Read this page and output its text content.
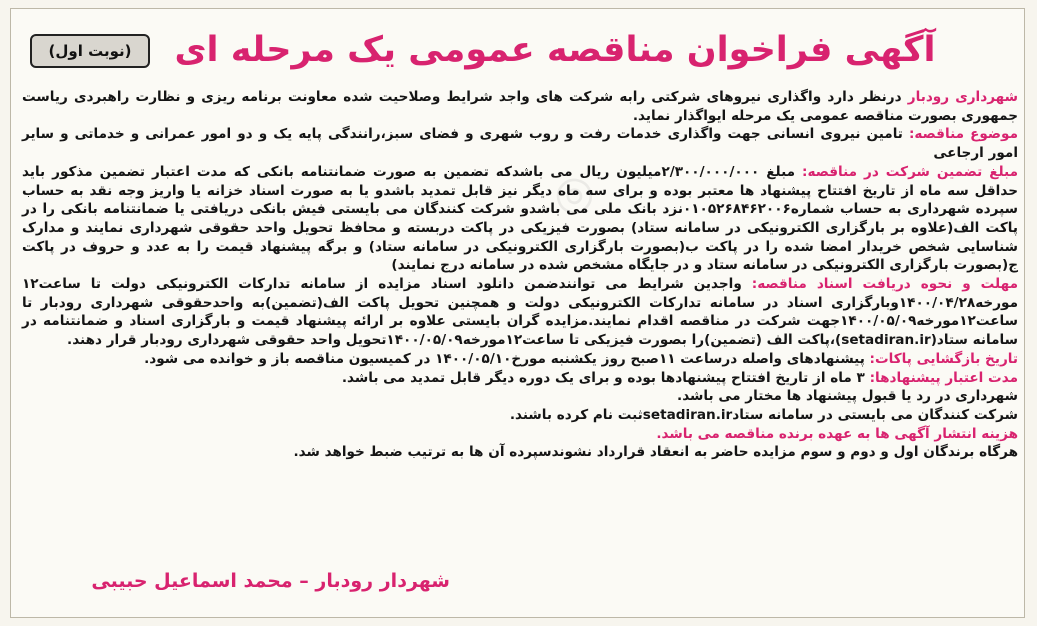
◎
(نوبت اول)	آگهی فراخوان مناقصه عمومی یک مرحله ای

شهرداری رودبار درنظر دارد واگذاری نیروهای شرکتی رابه شرکت های واجد شرایط وصلاحیت شده معاونت برنامه ریزی و نظارت راهبردی ریاست جمهوری بصورت مناقصه عمومی یک مرحله ایواگذار نماید.

موضوع مناقصه: تامین نیروی انسانی جهت واگذاری خدمات رفت و روب شهری و فضای سبز،رانندگی پایه یک و دو امور عمرانی و خدماتی و سایر امور ارجاعی

مبلغ تضمین شرکت در مناقصه: مبلغ ۲/۳۰۰/۰۰۰/۰۰۰میلیون ریال می باشدکه تضمین به صورت ضمانتنامه بانکی که مدت اعتبار تضمین مذکور باید حداقل سه ماه از تاریخ افتتاح پیشنهاد ها معتبر بوده و برای سه ماه دیگر نیز قابل تمدید باشدو یا به صورت اسناد خزانه یا واریز وجه نقد به حساب سپرده شهرداری به حساب شماره۰۱۰۵۲۶۸۴۶۲۰۰۶نزد بانک ملی می باشدو شرکت کنندگان می بایستی فیش بانکی دریافتی یا ضمانتنامه بانکی را در پاکت الف(علاوه بر بارگزاری الکترونیکی در سامانه ستاد) بصورت فیزیکی در پاکت دربسته و محافظ تحویل واحد حقوقی شهرداری نمایند و مدارک شناسایی شخص خریدار امضا شده را در پاکت ب(بصورت بارگزاری الکترونیکی در سامانه ستاد) و برگه پیشنهاد قیمت را به عدد و حروف در پاکت ج(بصورت بارگزاری الکترونیکی در سامانه ستاد و در جایگاه مشخص شده در سامانه درج نمایند)

مهلت و نحوه دریافت اسناد مناقصه: واجدین شرایط می توانندضمن دانلود اسناد مزایده از سامانه تدارکات الکترونیکی دولت تا ساعت۱۲ مورخه۱۴۰۰/۰۴/۲۸وبارگزاری اسناد در سامانه تدارکات الکترونیکی دولت و همچنین تحویل پاکت الف(تضمین)به واحدحقوقی شهرداری رودبار تا ساعت۱۲مورخه۱۴۰۰/۰۵/۰۹جهت شرکت در مناقصه اقدام نمایند.مزایده گران بایستی علاوه بر ارائه پیشنهاد قیمت و بارگزاری اسناد و ضمانتنامه در سامانه ستاد(setadiran.ir)،پاکت الف (تضمین)را بصورت فیزیکی تا ساعت۱۲مورخه۱۴۰۰/۰۵/۰۹تحویل واحد حقوقی شهرداری رودبار قرار دهند.

تاریخ بازگشایی پاکات: پیشنهادهای واصله درساعت ۱۱صبح روز یکشنبه مورخ۱۴۰۰/۰۵/۱۰ در کمیسیون مناقصه باز و خوانده می شود.

مدت اعتبار پیشنهادها: ۳ ماه از تاریخ افتتاح پیشنهادها بوده و برای یک دوره دیگر قابل تمدید می باشد.

شهرداری در رد یا قبول پیشنهاد ها مختار می باشد.

شرکت کنندگان می بایستی در سامانه ستادsetadiran.irثبت نام کرده باشند.

هزینه انتشار آگهی ها به عهده برنده مناقصه می باشد.

هرگاه برندگان اول و دوم و سوم مزایده حاضر به انعقاد قرارداد نشوندسپرده آن ها به ترتیب ضبط خواهد شد.

شهردار رودبار – محمد اسماعیل حبیبی
